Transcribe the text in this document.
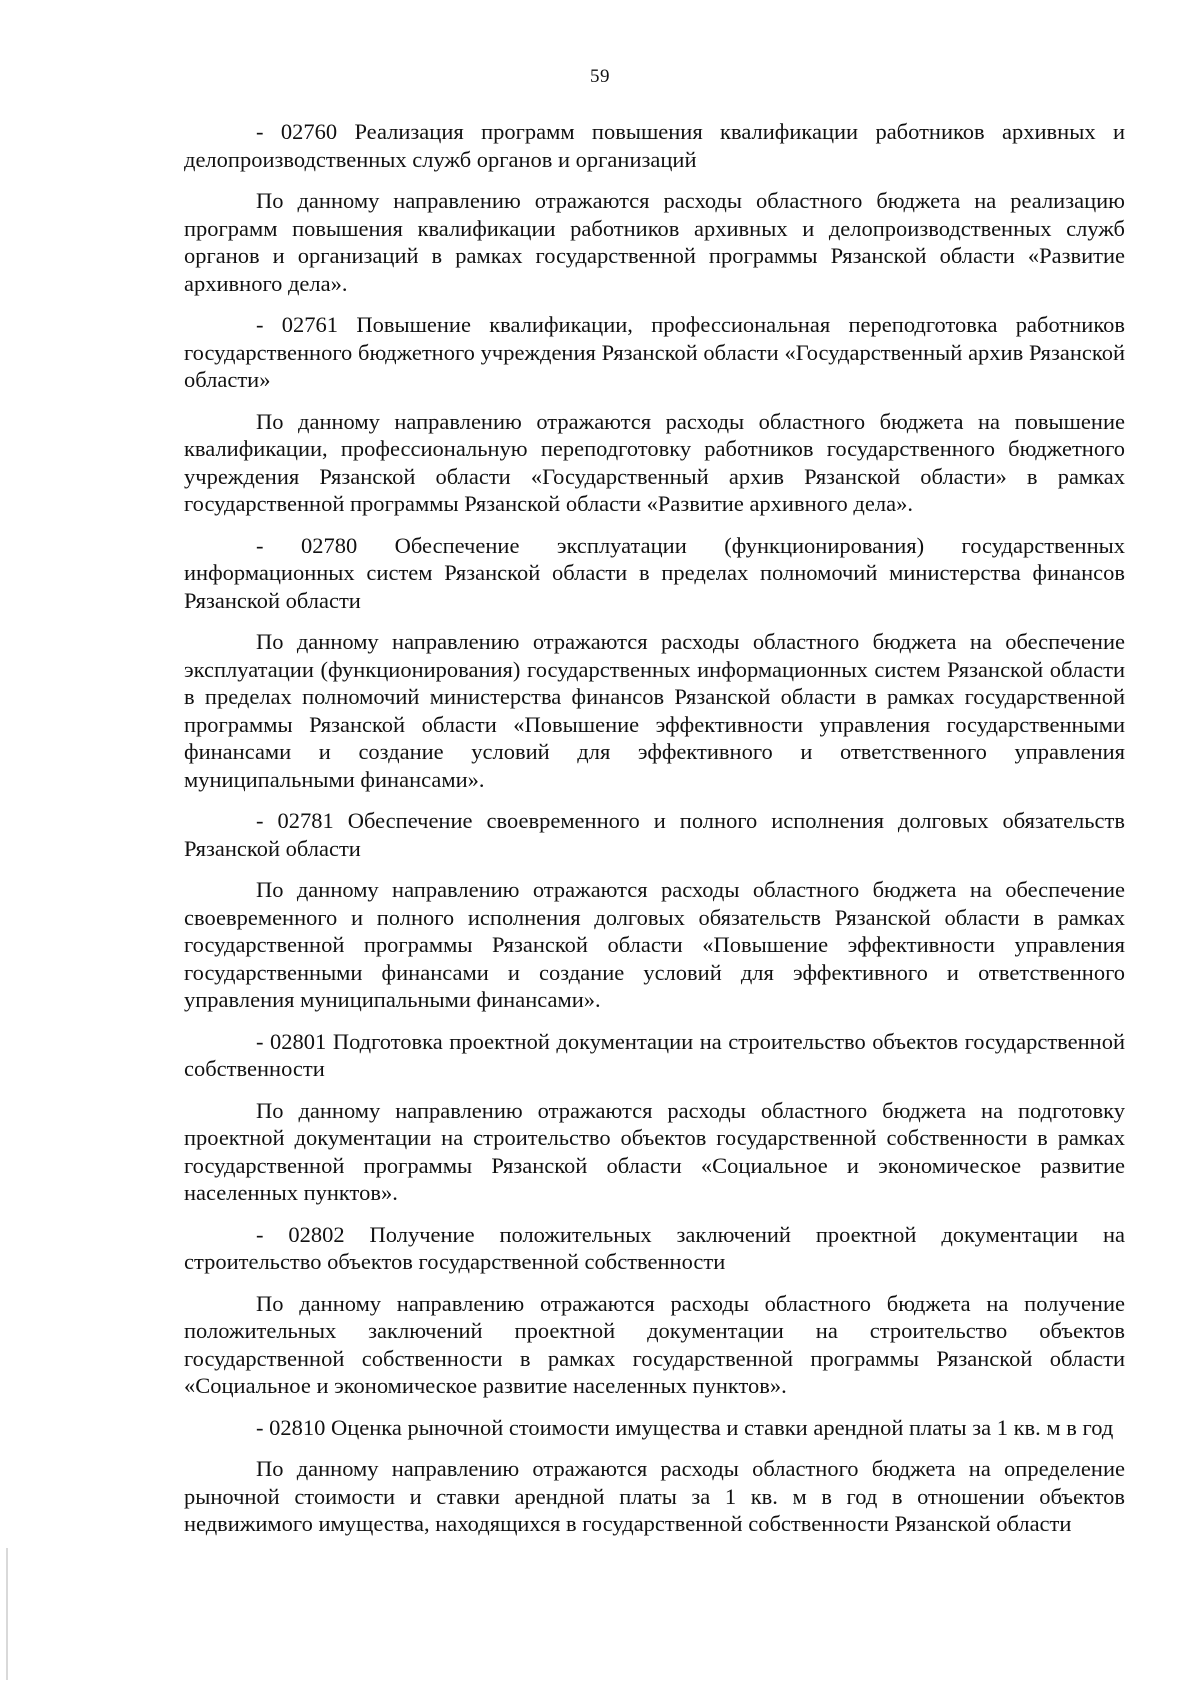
59

- 02760 Реализация программ повышения квалификации работников архивных и делопроизводственных служб органов и организаций

По данному направлению отражаются расходы областного бюджета на реализацию программ повышения квалификации работников архивных и делопроизводственных служб органов и организаций в рамках государственной программы Рязанской области «Развитие архивного дела».

- 02761 Повышение квалификации, профессиональная переподготовка работников государственного бюджетного учреждения Рязанской области «Государственный архив Рязанской области»

По данному направлению отражаются расходы областного бюджета на повышение квалификации, профессиональную переподготовку работников государственного бюджетного учреждения Рязанской области «Государственный архив Рязанской области» в рамках государственной программы Рязанской области «Развитие архивного дела».

- 02780 Обеспечение эксплуатации (функционирования) государственных информационных систем Рязанской области в пределах полномочий министерства финансов Рязанской области

По данному направлению отражаются расходы областного бюджета на обеспечение эксплуатации (функционирования) государственных информационных систем Рязанской области в пределах полномочий министерства финансов Рязанской области в рамках государственной программы Рязанской области «Повышение эффективности управления государственными финансами и создание условий для эффективного и ответственного управления муниципальными финансами».

- 02781 Обеспечение своевременного и полного исполнения долговых обязательств Рязанской области

По данному направлению отражаются расходы областного бюджета на обеспечение своевременного и полного исполнения долговых обязательств Рязанской области в рамках государственной программы Рязанской области «Повышение эффективности управления государственными финансами и создание условий для эффективного и ответственного управления муниципальными финансами».

- 02801 Подготовка проектной документации на строительство объектов государственной собственности

По данному направлению отражаются расходы областного бюджета на подготовку проектной документации на строительство объектов государственной собственности в рамках государственной программы Рязанской области «Социальное и экономическое развитие населенных пунктов».

- 02802 Получение положительных заключений проектной документации на строительство объектов государственной собственности

По данному направлению отражаются расходы областного бюджета на получение положительных заключений проектной документации на строительство объектов государственной собственности в рамках государственной программы Рязанской области «Социальное и экономическое развитие населенных пунктов».

- 02810 Оценка рыночной стоимости имущества и ставки арендной платы за 1 кв. м в год

По данному направлению отражаются расходы областного бюджета на определение рыночной стоимости и ставки арендной платы за 1 кв. м в год в отношении объектов недвижимого имущества, находящихся в государственной собственности Рязанской области
